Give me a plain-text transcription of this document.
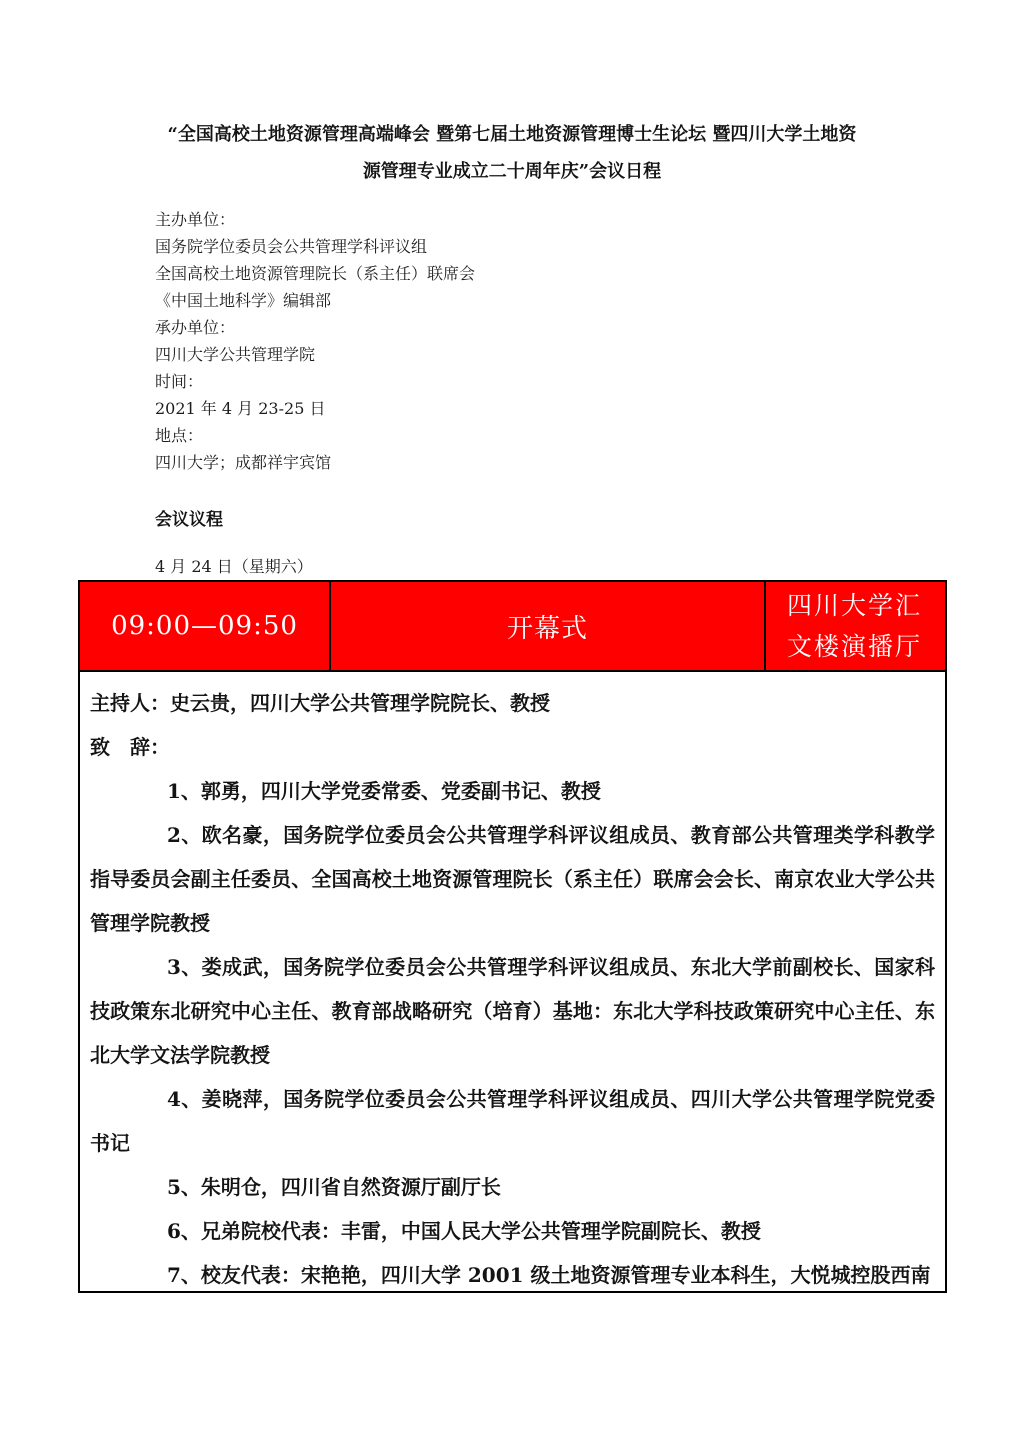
“全国高校土地资源管理高端峰会 暨第七届土地资源管理博士生论坛 暨四川大学土地资
源管理专业成立二十周年庆”会议日程
主办单位：
国务院学位委员会公共管理学科评议组
全国高校土地资源管理院长（系主任）联席会
《中国土地科学》编辑部
承办单位：
四川大学公共管理学院
时间：
2021 年 4 月 23-25 日
地点：
四川大学；成都祥宇宾馆
会议议程
4 月 24 日（星期六）
09:00—09:50	开幕式
四川大学汇
文楼演播厅

主持人：史云贵，四川大学公共管理学院院长、教授

致　辞：

1、郭勇，四川大学党委常委、党委副书记、教授

2、欧名豪，国务院学位委员会公共管理学科评议组成员、教育部公共管理类学科教学指导委员会副主任委员、全国高校土地资源管理院长（系主任）联席会会长、南京农业大学公共管理学院教授

3、娄成武，国务院学位委员会公共管理学科评议组成员、东北大学前副校长、国家科技政策东北研究中心主任、教育部战略研究（培育）基地：东北大学科技政策研究中心主任、东北大学文法学院教授

4、姜晓萍，国务院学位委员会公共管理学科评议组成员、四川大学公共管理学院党委书记

5、朱明仓，四川省自然资源厅副厅长

6、兄弟院校代表：丰雷，中国人民大学公共管理学院副院长、教授

7、校友代表：宋艳艳，四川大学 2001 级土地资源管理专业本科生，大悦城控股西南
